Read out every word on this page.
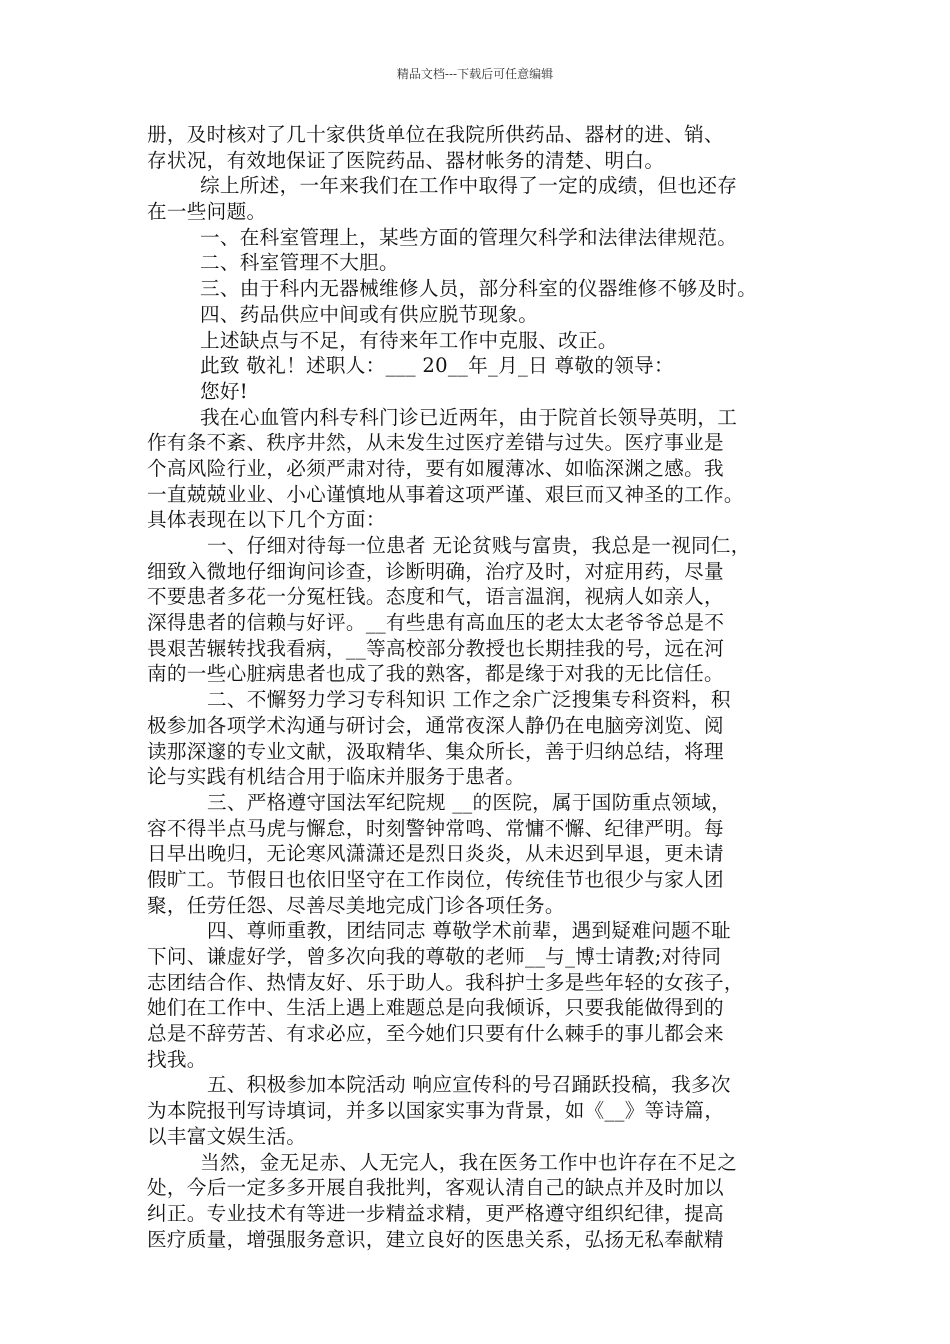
精品文档---下载后可任意编辑
册，及时核对了几十家供货单位在我院所供药品、器材的进、销、
存状况，有效地保证了医院药品、器材帐务的清楚、明白。
综上所述，一年来我们在工作中取得了一定的成绩，但也还存
在一些问题。
一、在科室管理上，某些方面的管理欠科学和法律法律规范。
二、科室管理不大胆。
三、由于科内无器械维修人员，部分科室的仪器维修不够及时。
四、药品供应中间或有供应脱节现象。
上述缺点与不足，有待来年工作中克服、改正。
此致 敬礼！述职人：___ 20__年_月_日 尊敬的领导：
您好!
我在心血管内科专科门诊已近两年，由于院首长领导英明，工
作有条不紊、秩序井然，从未发生过医疗差错与过失。医疗事业是
个高风险行业，必须严肃对待，要有如履薄冰、如临深渊之感。我
一直兢兢业业、小心谨慎地从事着这项严谨、艰巨而又神圣的工作。
具体表现在以下几个方面：
一、仔细对待每一位患者 无论贫贱与富贵，我总是一视同仁，
细致入微地仔细询问诊查，诊断明确，治疗及时，对症用药，尽量
不要患者多花一分冤枉钱。态度和气，语言温润，视病人如亲人，
深得患者的信赖与好评。__有些患有高血压的老太太老爷爷总是不
畏艰苦辗转找我看病，__等高校部分教授也长期挂我的号，远在河
南的一些心脏病患者也成了我的熟客，都是缘于对我的无比信任。
二、不懈努力学习专科知识 工作之余广泛搜集专科资料，积
极参加各项学术沟通与研讨会，通常夜深人静仍在电脑旁浏览、阅
读那深邃的专业文献，汲取精华、集众所长，善于归纳总结，将理
论与实践有机结合用于临床并服务于患者。
三、严格遵守国法军纪院规 __的医院，属于国防重点领域，
容不得半点马虎与懈怠，时刻警钟常鸣、常慵不懈、纪律严明。每
日早出晚归，无论寒风潇潇还是烈日炎炎，从未迟到早退，更未请
假旷工。节假日也依旧坚守在工作岗位，传统佳节也很少与家人团
聚，任劳任怨、尽善尽美地完成门诊各项任务。
四、尊师重教，团结同志 尊敬学术前辈，遇到疑难问题不耻
下问、谦虚好学，曾多次向我的尊敬的老师__与_博士请教;对待同
志团结合作、热情友好、乐于助人。我科护士多是些年轻的女孩子，
她们在工作中、生活上遇上难题总是向我倾诉，只要我能做得到的
总是不辞劳苦、有求必应，至今她们只要有什么棘手的事儿都会来
找我。
五、积极参加本院活动 响应宣传科的号召踊跃投稿，我多次
为本院报刊写诗填词，并多以国家实事为背景，如《__》等诗篇，
以丰富文娱生活。
当然，金无足赤、人无完人，我在医务工作中也许存在不足之
处，今后一定多多开展自我批判，客观认清自己的缺点并及时加以
纠正。专业技术有等进一步精益求精，更严格遵守组织纪律，提高
医疗质量，增强服务意识，建立良好的医患关系，弘扬无私奉献精
